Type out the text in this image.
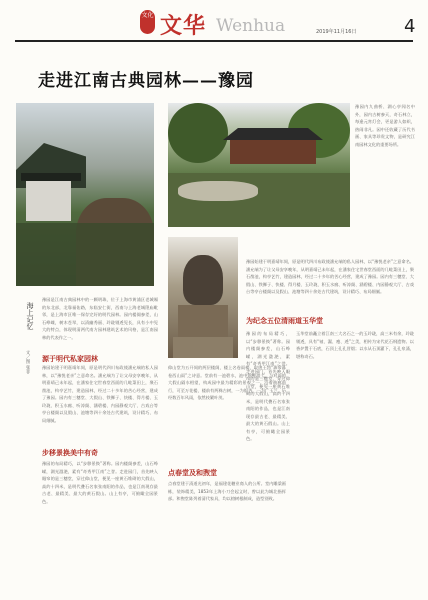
文化 文华 Wenhua	2019年11月16日	4
走进江南古典园林——豫园
海上记忆
文／图 张非
豫园内九曲桥、湖心亭闻名中外，园内古树参天，奇石林立，每逢元宵灯会，更是游人如织，热闹非凡。园中还收藏了历代书画、家具等珍贵文物，是研究江南园林文化的重要场所。
豫园是江南古典园林中的一颗明珠，位于上海市黄浦区老城厢的东北部，北靠福佑路，东临安仁街，西南与上海老城隍庙毗邻，是上海市区唯一保存完好的明代园林。园内楼阁参差，山石峥嵘，树木苍翠，以清幽秀丽、玲珑剔透见长，具有小中见大的特点，体现明清两代南方园林建筑艺术的风格，是江南园林的代表作之一。
源于明代私家园林
豫园始建于明嘉靖年间，原是明代四川布政使潘允端的私人园林，以“豫悦老亲”之意命名。潘允端为了让父母安享晚年，从明嘉靖己未年起，在潘家住宅世春堂西面的几畦菜田上，聚石凿池，构亭艺竹，建造园林，经过二十多年的苦心经营，建成了豫园。园内有三穗堂、大假山、铁狮子、快楼、得月楼、玉玲珑、积玉水廊、听涛阁、涵碧楼、内园静观大厅、古戏台等亭台楼阁以及假山、池塘等四十余处古代建筑，设计精巧、布局细腻。
步移景换美中有奇
豫园的布局精巧，以“步移景换”著称。园内楼阁参差，山石峥嵘，湖光潋滟，素有“奇秀甲江南”之誉。走进园门，首先映入眼帘的是三穗堂，穿过仰山堂，便见一座黄石堆砌的大假山，高约十四米，是明代叠石名家张南阳的作品，也是江南现存最古老、最精美、最大的黄石假山。山上有亭，可俯瞰全园景色。
仰山堂为五开间的两层楼阁，楼上名卷雨楼，取唐王勃“珠帘暮卷西山雨”之诗意。堂前有一池碧水，池中锦鲤游弋，与对面的大假山隔水相望，构成园中最为精彩的景观之一。沿着曲廊前行，可至万花楼，楼前有两株古树，一为银杏，一为广玉兰，历经数百年风雨，依然枝繁叶茂。
点春堂及和煦堂
点春堂建于清道光初年，是福建花糖业商人的公所。堂内雕梁画栋，装饰精美，1853年上海小刀会起义时，曾以此为城北指挥部。和煦堂陈列着清代家具，均以榕树根制成，造型别致。
豫园始建于明嘉靖年间，原是明代四川布政使潘允端的私人园林，以“豫悦老亲”之意命名。潘允端为了让父母安享晚年，从明嘉靖己未年起，在潘家住宅世春堂西面的几畦菜田上，聚石凿池，构亭艺竹，建造园林，经过二十多年的苦心经营，建成了豫园。园内有三穗堂、大假山、铁狮子、快楼、得月楼、玉玲珑、积玉水廊、听涛阁、涵碧楼、内园静观大厅、古戏台等亭台楼阁以及假山、池塘等四十余处古代建筑，设计精巧、布局细腻。
为纪念五位清雨道玉华堂
玉华堂前矗立着江南三大名石之一的玉玲珑，高三米有余，玲珑剔透，具有“皱、漏、瘦、透”之美，相传为宋代花石纲遗物。以香炉置于石底，石顶上孔孔冒烟；以水从石顶灌下，孔孔泉涌，堪称奇石。
豫园的布局精巧，以“步移景换”著称。园内楼阁参差，山石峥嵘，湖光潋滟，素有“奇秀甲江南”之誉。走进园门，首先映入眼帘的是三穗堂，穿过仰山堂，便见一座黄石堆砌的大假山，高约十四米，是明代叠石名家张南阳的作品，也是江南现存最古老、最精美、最大的黄石假山。山上有亭，可俯瞰全园景色。
